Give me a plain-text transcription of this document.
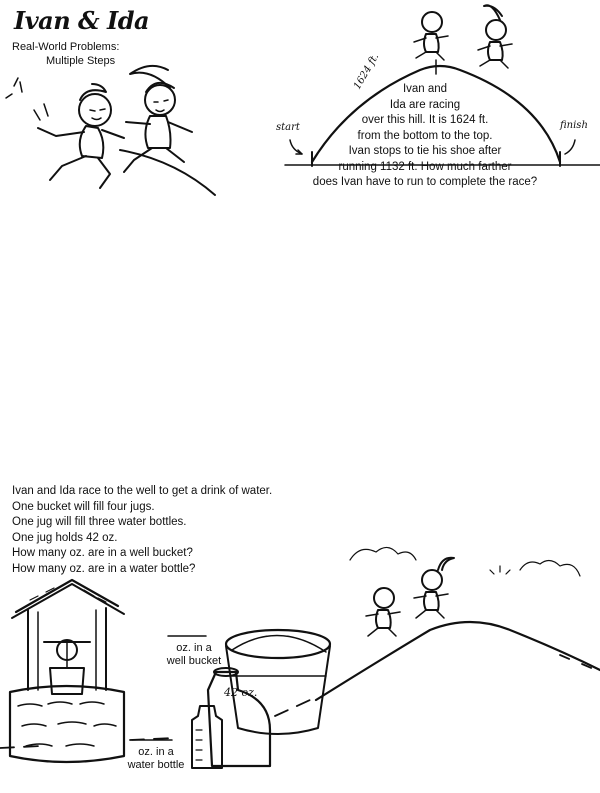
Ivan & Ida
Real-World Problems:
Multiple Steps	1624 ft.
start	finish
Ivan and
Ida are racing
over this hill. It is 1624 ft.
from the bottom to the top.
Ivan stops to tie his shoe after
running 1132 ft. How much farther
does Ivan have to run to complete the race?
Ivan and Ida race to the well to get a drink of water.
One bucket will fill four jugs.
One jug will fill three water bottles.
One jug holds 42 oz.
How many oz. are in a well bucket?
How many oz. are in a water bottle?
oz. in a
well bucket
oz. in a
water bottle
42 oz.
